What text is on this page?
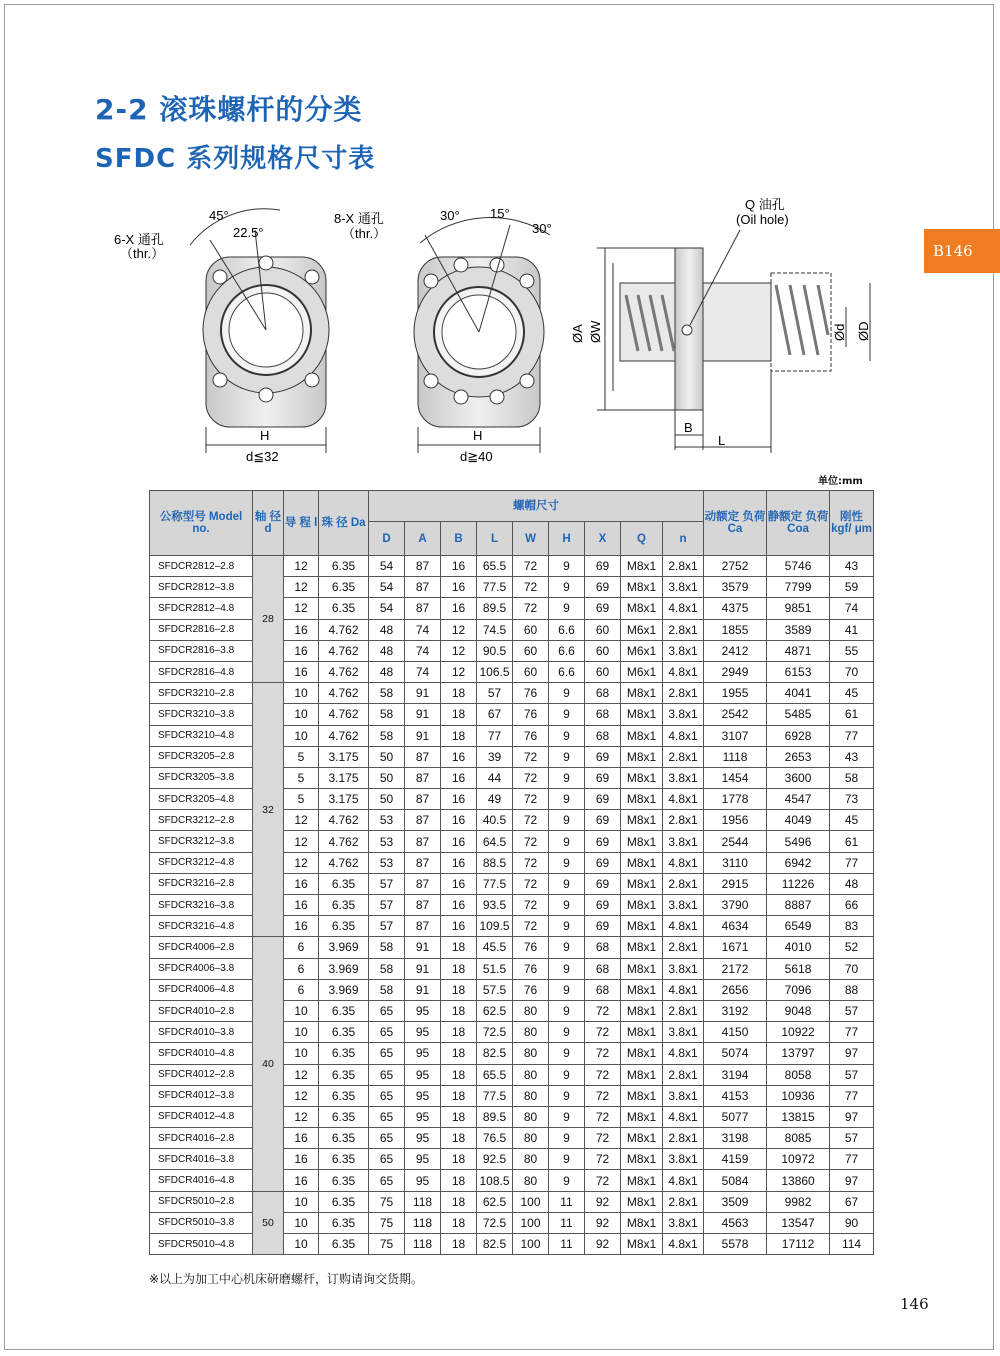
2-2 滚珠螺杆的分类
SFDC 系列规格尺寸表
B146
45°
22.5°
6-X 通孔
（thr.）
H
d≦32
30° 15°
30°
8-X 通孔
（thr.）
H
d≧40
Q 油孔
(Oil hole)
ØA ØW	Ød ØD
B
L
单位:mm
公称型号 Model no.	轴 径 d	导 程 l	珠 径 Da	螺帽尺寸									动额定 负荷 Ca	静额定 负荷 Coa	刚性 kgf/ μm
				D	A	B	L	W	H	X	Q	n			
SFDCR2812–2.8	28	12	6.35	54	87	16	65.5	72	9	69	M8x1	2.8x1	2752	5746	43
SFDCR2812–3.8		12	6.35	54	87	16	77.5	72	9	69	M8x1	3.8x1	3579	7799	59
SFDCR2812–4.8		12	6.35	54	87	16	89.5	72	9	69	M8x1	4.8x1	4375	9851	74
SFDCR2816–2.8		16	4.762	48	74	12	74.5	60	6.6	60	M6x1	2.8x1	1855	3589	41
SFDCR2816–3.8		16	4.762	48	74	12	90.5	60	6.6	60	M6x1	3.8x1	2412	4871	55
SFDCR2816–4.8		16	4.762	48	74	12	106.5	60	6.6	60	M6x1	4.8x1	2949	6153	70
SFDCR3210–2.8	32	10	4.762	58	91	18	57	76	9	68	M8x1	2.8x1	1955	4041	45
SFDCR3210–3.8		10	4.762	58	91	18	67	76	9	68	M8x1	3.8x1	2542	5485	61
SFDCR3210–4.8		10	4.762	58	91	18	77	76	9	68	M8x1	4.8x1	3107	6928	77
SFDCR3205–2.8		5	3.175	50	87	16	39	72	9	69	M8x1	2.8x1	1118	2653	43
SFDCR3205–3.8		5	3.175	50	87	16	44	72	9	69	M8x1	3.8x1	1454	3600	58
SFDCR3205–4.8		5	3.175	50	87	16	49	72	9	69	M8x1	4.8x1	1778	4547	73
SFDCR3212–2.8		12	4.762	53	87	16	40.5	72	9	69	M8x1	2.8x1	1956	4049	45
SFDCR3212–3.8		12	4.762	53	87	16	64.5	72	9	69	M8x1	3.8x1	2544	5496	61
SFDCR3212–4.8		12	4.762	53	87	16	88.5	72	9	69	M8x1	4.8x1	3110	6942	77
SFDCR3216–2.8		16	6.35	57	87	16	77.5	72	9	69	M8x1	2.8x1	2915	11226	48
SFDCR3216–3.8		16	6.35	57	87	16	93.5	72	9	69	M8x1	3.8x1	3790	8887	66
SFDCR3216–4.8		16	6.35	57	87	16	109.5	72	9	69	M8x1	4.8x1	4634	6549	83
SFDCR4006–2.8	40	6	3.969	58	91	18	45.5	76	9	68	M8x1	2.8x1	1671	4010	52
SFDCR4006–3.8		6	3.969	58	91	18	51.5	76	9	68	M8x1	3.8x1	2172	5618	70
SFDCR4006–4.8		6	3.969	58	91	18	57.5	76	9	68	M8x1	4.8x1	2656	7096	88
SFDCR4010–2.8		10	6.35	65	95	18	62.5	80	9	72	M8x1	2.8x1	3192	9048	57
SFDCR4010–3.8		10	6.35	65	95	18	72.5	80	9	72	M8x1	3.8x1	4150	10922	77
SFDCR4010–4.8		10	6.35	65	95	18	82.5	80	9	72	M8x1	4.8x1	5074	13797	97
SFDCR4012–2.8		12	6.35	65	95	18	65.5	80	9	72	M8x1	2.8x1	3194	8058	57
SFDCR4012–3.8		12	6.35	65	95	18	77.5	80	9	72	M8x1	3.8x1	4153	10936	77
SFDCR4012–4.8		12	6.35	65	95	18	89.5	80	9	72	M8x1	4.8x1	5077	13815	97
SFDCR4016–2.8		16	6.35	65	95	18	76.5	80	9	72	M8x1	2.8x1	3198	8085	57
SFDCR4016–3.8		16	6.35	65	95	18	92.5	80	9	72	M8x1	3.8x1	4159	10972	77
SFDCR4016–4.8		16	6.35	65	95	18	108.5	80	9	72	M8x1	4.8x1	5084	13860	97
SFDCR5010–2.8	50	10	6.35	75	118	18	62.5	100	11	92	M8x1	2.8x1	3509	9982	67
SFDCR5010–3.8		10	6.35	75	118	18	72.5	100	11	92	M8x1	3.8x1	4563	13547	90
SFDCR5010–4.8		10	6.35	75	118	18	82.5	100	11	92	M8x1	4.8x1	5578	17112	114
※以上为加工中心机床研磨螺杆，订购请询交货期。
146
